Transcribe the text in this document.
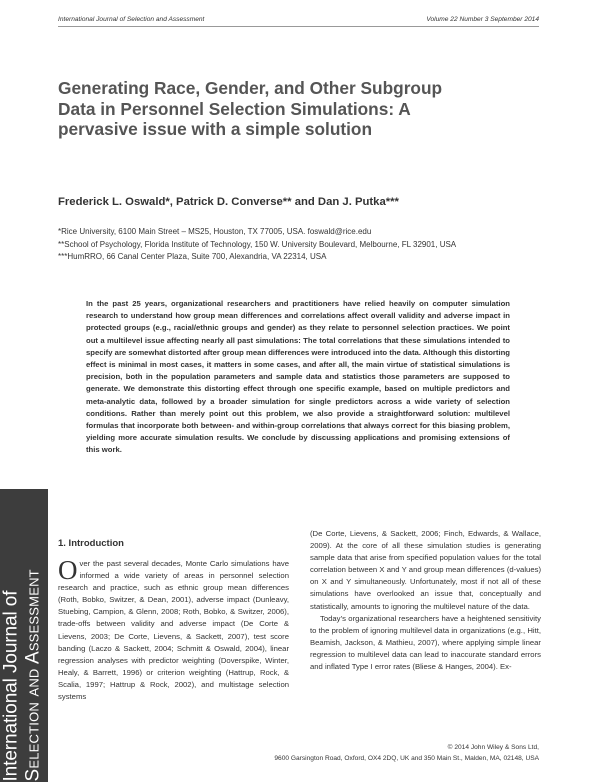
International Journal of Selection and Assessment	Volume 22 Number 3 September 2014
International Journal of Selection and Assessment
Generating Race, Gender, and Other Subgroup Data in Personnel Selection Simulations: A pervasive issue with a simple solution

Frederick L. Oswald*, Patrick D. Converse** and Dan J. Putka***

*Rice University, 6100 Main Street – MS25, Houston, TX 77005, USA. foswald@rice.edu
**School of Psychology, Florida Institute of Technology, 150 W. University Boulevard, Melbourne, FL 32901, USA
***HumRRO, 66 Canal Center Plaza, Suite 700, Alexandria, VA 22314, USA

In the past 25 years, organizational researchers and practitioners have relied heavily on computer simulation research to understand how group mean differences and correlations affect overall validity and adverse impact in protected groups (e.g., racial/ethnic groups and gender) as they relate to personnel selection practices. We point out a multilevel issue affecting nearly all past simulations: The total correlations that these simulations intended to specify are somewhat distorted after group mean differences were introduced into the data. Although this distorting effect is minimal in most cases, it matters in some cases, and after all, the main virtue of statistical simulations is precision, both in the population parameters and sample data and statistics those parameters are supposed to generate. We demonstrate this distorting effect through one specific example, based on multiple predictors and meta-analytic data, followed by a broader simulation for single predictors across a wide variety of selection conditions. Rather than merely point out this problem, we also provide a straightforward solution: multilevel formulas that incorporate both between- and within-group correlations that always correct for this biasing problem, yielding more accurate simulation results. We conclude by discussing applications and promising extensions of this work.

1. Introduction
O ver the past several decades, Monte Carlo simulations have informed a wide variety of areas in personnel selection research and practice, such as ethnic group mean differences (Roth, Bobko, Switzer, & Dean, 2001), adverse impact (Dunleavy, Stuebing, Campion, & Glenn, 2008; Roth, Bobko, & Switzer, 2006), trade-offs between validity and adverse impact (De Corte & Lievens, 2003; De Corte, Lievens, & Sackett, 2007), test score banding (Laczo & Sackett, 2004; Schmitt & Oswald, 2004), linear regression analyses with predictor weighting (Doverspike, Winter, Healy, & Barrett, 1996) or criterion weighting (Hattrup, Rock, & Scalia, 1997; Hattrup & Rock, 2002), and multistage selection systems

(De Corte, Lievens, & Sackett, 2006; Finch, Edwards, & Wallace, 2009). At the core of all these simulation studies is generating sample data that arise from specified population values for the total correlation between X and Y and group mean differences (d-values) on X and Y simultaneously. Unfortunately, most if not all of these simulations have overlooked an issue that, conceptually and statistically, amounts to ignoring the multilevel nature of the data.

Today’s organizational researchers have a heightened sensitivity to the problem of ignoring multilevel data in organizations (e.g., Hitt, Beamish, Jackson, & Mathieu, 2007), where applying simple linear regression to multilevel data can lead to inaccurate standard errors and inflated Type I error rates (Bliese & Hanges, 2004). Ex-

© 2014 John Wiley & Sons Ltd,
9600 Garsington Road, Oxford, OX4 2DQ, UK and 350 Main St., Malden, MA, 02148, USA
